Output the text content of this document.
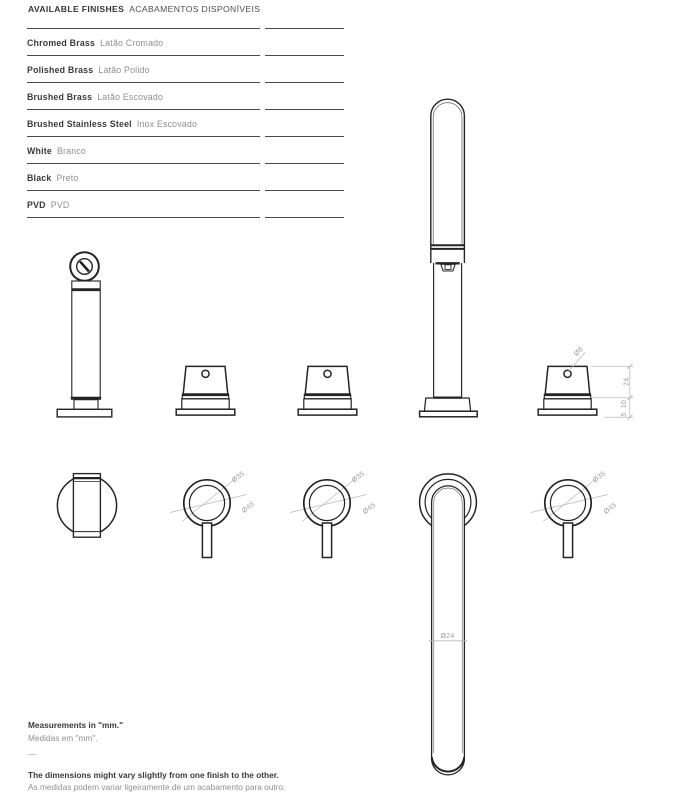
AVAILABLE FINISHES ACABAMENTOS DISPONÍVEIS
Chromed Brass Latão Cromado
Polished Brass Latão Polido
Brushed Brass Latão Escovado
Brushed Stainless Steel Inox Escovado
White Branco
Black Preto
PVD PVD
Ø8
24
10
5
Ø35
Ø45
Ø35
Ø45
Ø24
Ø35
Ø45
Measurements in "mm."
Medidas em "mm".
—
The dimensions might vary slightly from one finish to the other.
As medidas podem variar ligeiramente de um acabamento para outro.
